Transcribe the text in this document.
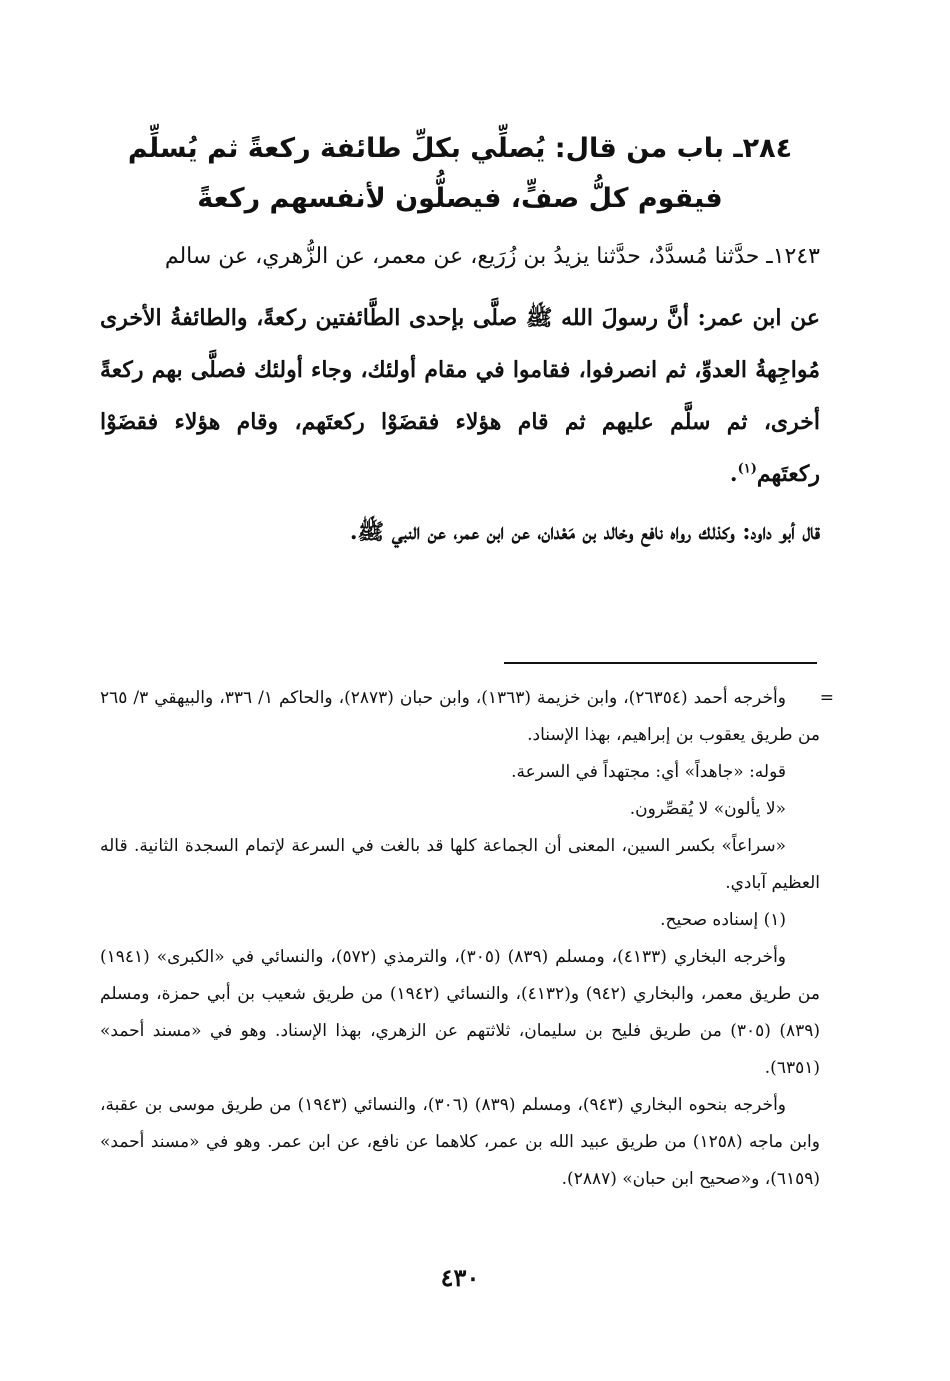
٢٨٤ـ باب من قال: يُصلِّي بكلِّ طائفة ركعةً ثم يُسلِّم
فيقوم كلُّ صفٍّ، فيصلُّون لأنفسهم ركعةً

١٢٤٣ـ حدَّثنا مُسدَّدٌ، حدَّثنا يزيدُ بن زُرَيع، عن معمر، عن الزُّهري، عن سالم

عن ابن عمر: أنَّ رسولَ الله ﷺ صلَّى بإحدى الطَّائفتين ركعةً، والطائفةُ الأخرى مُواجِهةُ العدوِّ، ثم انصرفوا، فقاموا في مقام أولئك، وجاء أولئك فصلَّى بهم ركعةً أخرى، ثم سلَّم عليهم ثم قام هؤلاء فقضَوْا ركعتَهم، وقام هؤلاء فقضَوْا ركعتَهم$^{(١)}$.

قال أبو داود: وكذلك رواه نافع وخالد بن مَعْدان، عن ابن عمر، عن النبي ﷺ.

=

وأخرجه أحمد (٢٦٣٥٤)، وابن خزيمة (١٣٦٣)، وابن حبان (٢٨٧٣)، والحاكم ١/ ٣٣٦، والبيهقي ٣/ ٢٦٥ من طريق يعقوب بن إبراهيم، بهذا الإسناد.

قوله: «جاهداً» أي: مجتهداً في السرعة.

«لا يألون» لا يُقصِّرون.

«سراعاً» بكسر السين، المعنى أن الجماعة كلها قد بالغت في السرعة لإتمام السجدة الثانية. قاله العظيم آبادي.

(١) إسناده صحيح.

وأخرجه البخاري (٤١٣٣)، ومسلم (٨٣٩) (٣٠٥)، والترمذي (٥٧٢)، والنسائي في «الكبرى» (١٩٤١) من طريق معمر، والبخاري (٩٤٢) و(٤١٣٢)، والنسائي (١٩٤٢) من طريق شعيب بن أبي حمزة، ومسلم (٨٣٩) (٣٠٥) من طريق فليح بن سليمان، ثلاثتهم عن الزهري، بهذا الإسناد. وهو في «مسند أحمد» (٦٣٥١).

وأخرجه بنحوه البخاري (٩٤٣)، ومسلم (٨٣٩) (٣٠٦)، والنسائي (١٩٤٣) من طريق موسى بن عقبة، وابن ماجه (١٢٥٨) من طريق عبيد الله بن عمر، كلاهما عن نافع، عن ابن عمر. وهو في «مسند أحمد» (٦١٥٩)، و«صحيح ابن حبان» (٢٨٨٧).

٤٣٠
